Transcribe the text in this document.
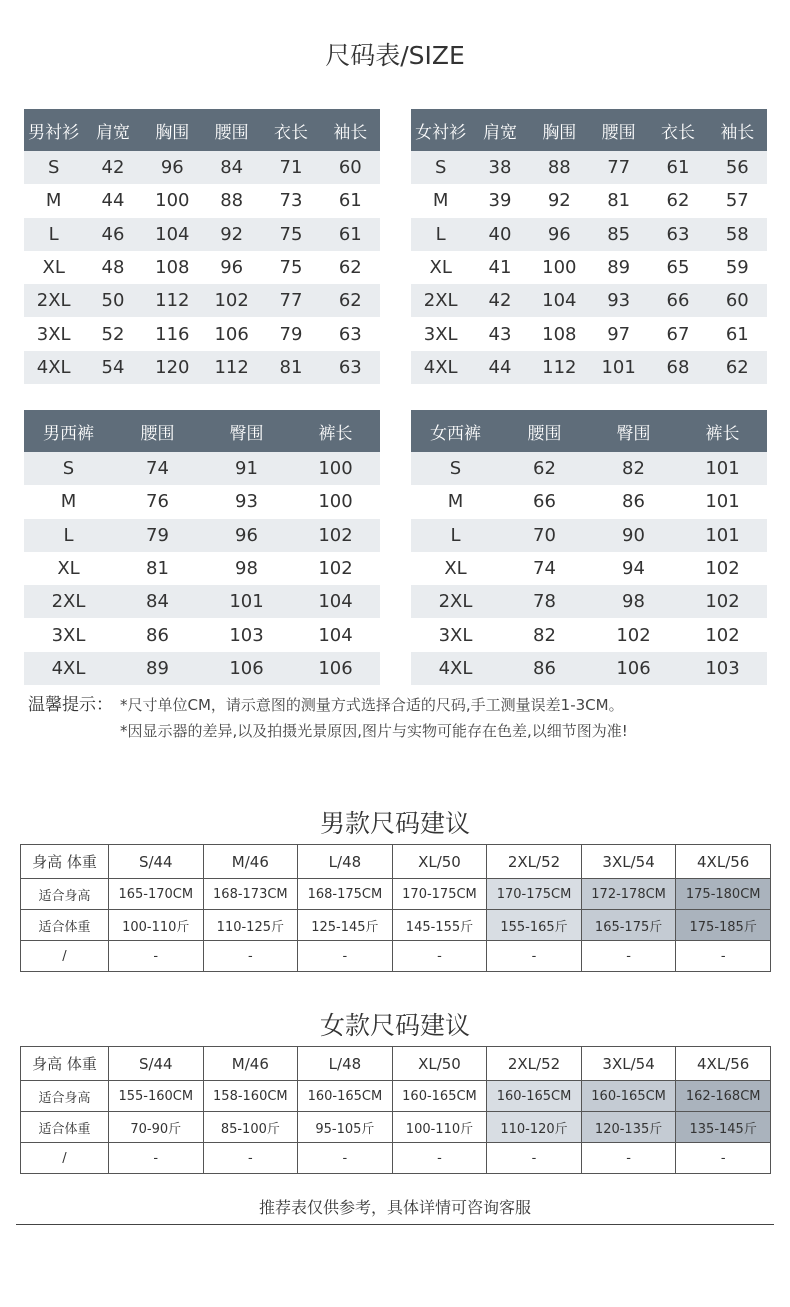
尺码表/SIZE
男衬衫	肩宽	胸围	腰围	衣长	袖长
S	42	96	84	71	60
M	44	100	88	73	61
L	46	104	92	75	61
XL	48	108	96	75	62
2XL	50	112	102	77	62
3XL	52	116	106	79	63
4XL	54	120	112	81	63
女衬衫	肩宽	胸围	腰围	衣长	袖长
S	38	88	77	61	56
M	39	92	81	62	57
L	40	96	85	63	58
XL	41	100	89	65	59
2XL	42	104	93	66	60
3XL	43	108	97	67	61
4XL	44	112	101	68	62
男西裤	腰围	臀围	裤长
S	74	91	100
M	76	93	100
L	79	96	102
XL	81	98	102
2XL	84	101	104
3XL	86	103	104
4XL	89	106	106
女西裤	腰围	臀围	裤长
S	62	82	101
M	66	86	101
L	70	90	101
XL	74	94	102
2XL	78	98	102
3XL	82	102	102
4XL	86	106	103
温馨提示： *尺寸单位CM，请示意图的测量方式选择合适的尺码,手工测量误差1-3CM。
*因显示器的差异,以及拍摄光景原因,图片与实物可能存在色差,以细节图为准!
男款尺码建议
身高 体重	S/44	M/46	L/48	XL/50	2XL/52	3XL/54	4XL/56
适合身高	165-170CM	168-173CM	168-175CM	170-175CM	170-175CM	172-178CM	175-180CM
适合体重	100-110斤	110-125斤	125-145斤	145-155斤	155-165斤	165-175斤	175-185斤
/	-	-	-	-	-	-	-
女款尺码建议
身高 体重	S/44	M/46	L/48	XL/50	2XL/52	3XL/54	4XL/56
适合身高	155-160CM	158-160CM	160-165CM	160-165CM	160-165CM	160-165CM	162-168CM
适合体重	70-90斤	85-100斤	95-105斤	100-110斤	110-120斤	120-135斤	135-145斤
/	-	-	-	-	-	-	-
推荐表仅供参考，具体详情可咨询客服
